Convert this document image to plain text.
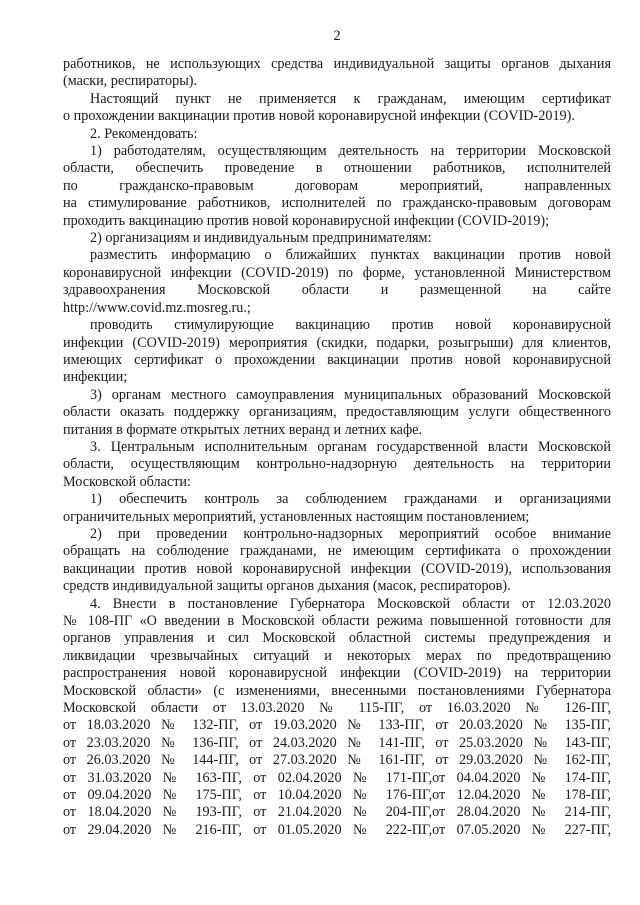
2
работников, не использующих средства индивидуальной защиты органов дыхания
(маски, респираторы).
Настоящий пункт не применяется к гражданам, имеющим сертификат
о прохождении вакцинации против новой коронавирусной инфекции (COVID-2019).
2. Рекомендовать:
1) работодателям, осуществляющим деятельность на территории Московской
области, обеспечить проведение в отношении работников, исполнителей
по гражданско-правовым договорам мероприятий, направленных
на стимулирование работников, исполнителей по гражданско-правовым договорам
проходить вакцинацию против новой коронавирусной инфекции (COVID-2019);
2) организациям и индивидуальным предпринимателям:
разместить информацию о ближайших пунктах вакцинации против новой
коронавирусной инфекции (COVID-2019) по форме, установленной Министерством
здравоохранения Московской области и размещенной на сайте
http://www.covid.mz.mosreg.ru.;
проводить стимулирующие вакцинацию против новой коронавирусной
инфекции (COVID-2019) мероприятия (скидки, подарки, розыгрыши) для клиентов,
имеющих сертификат о прохождении вакцинации против новой коронавирусной
инфекции;
3) органам местного самоуправления муниципальных образований Московской
области оказать поддержку организациям, предоставляющим услуги общественного
питания в формате открытых летних веранд и летних кафе.
3. Центральным исполнительным органам государственной власти Московской
области, осуществляющим контрольно-надзорную деятельность на территории
Московской области:
1) обеспечить контроль за соблюдением гражданами и организациями
ограничительных мероприятий, установленных настоящим постановлением;
2) при проведении контрольно-надзорных мероприятий особое внимание
обращать на соблюдение гражданами, не имеющим сертификата о прохождении
вакцинации против новой коронавирусной инфекции (COVID-2019), использования
средств индивидуальной защиты органов дыхания (масок, респираторов).
4. Внести в постановление Губернатора Московской области от 12.03.2020
№ 108-ПГ «О введении в Московской области режима повышенной готовности для
органов управления и сил Московской областной системы предупреждения и
ликвидации чрезвычайных ситуаций и некоторых мерах по предотвращению
распространения новой коронавирусной инфекции (COVID-2019) на территории
Московской области» (с изменениями, внесенными постановлениями Губернатора
Московской области от 13.03.2020 № 115-ПГ, от 16.03.2020 № 126-ПГ,
от 18.03.2020 № 132-ПГ, от 19.03.2020 № 133-ПГ, от 20.03.2020 № 135-ПГ,
от 23.03.2020 № 136-ПГ, от 24.03.2020 № 141-ПГ, от 25.03.2020 № 143-ПГ,
от 26.03.2020 № 144-ПГ, от 27.03.2020 № 161-ПГ, от 29.03.2020 № 162-ПГ,
от 31.03.2020 № 163-ПГ, от 02.04.2020 № 171-ПГ,от 04.04.2020 № 174-ПГ,
от 09.04.2020 № 175-ПГ, от 10.04.2020 № 176-ПГ,от 12.04.2020 № 178-ПГ,
от 18.04.2020 № 193-ПГ, от 21.04.2020 № 204-ПГ,от 28.04.2020 № 214-ПГ,
от 29.04.2020 № 216-ПГ, от 01.05.2020 № 222-ПГ,от 07.05.2020 № 227-ПГ,
